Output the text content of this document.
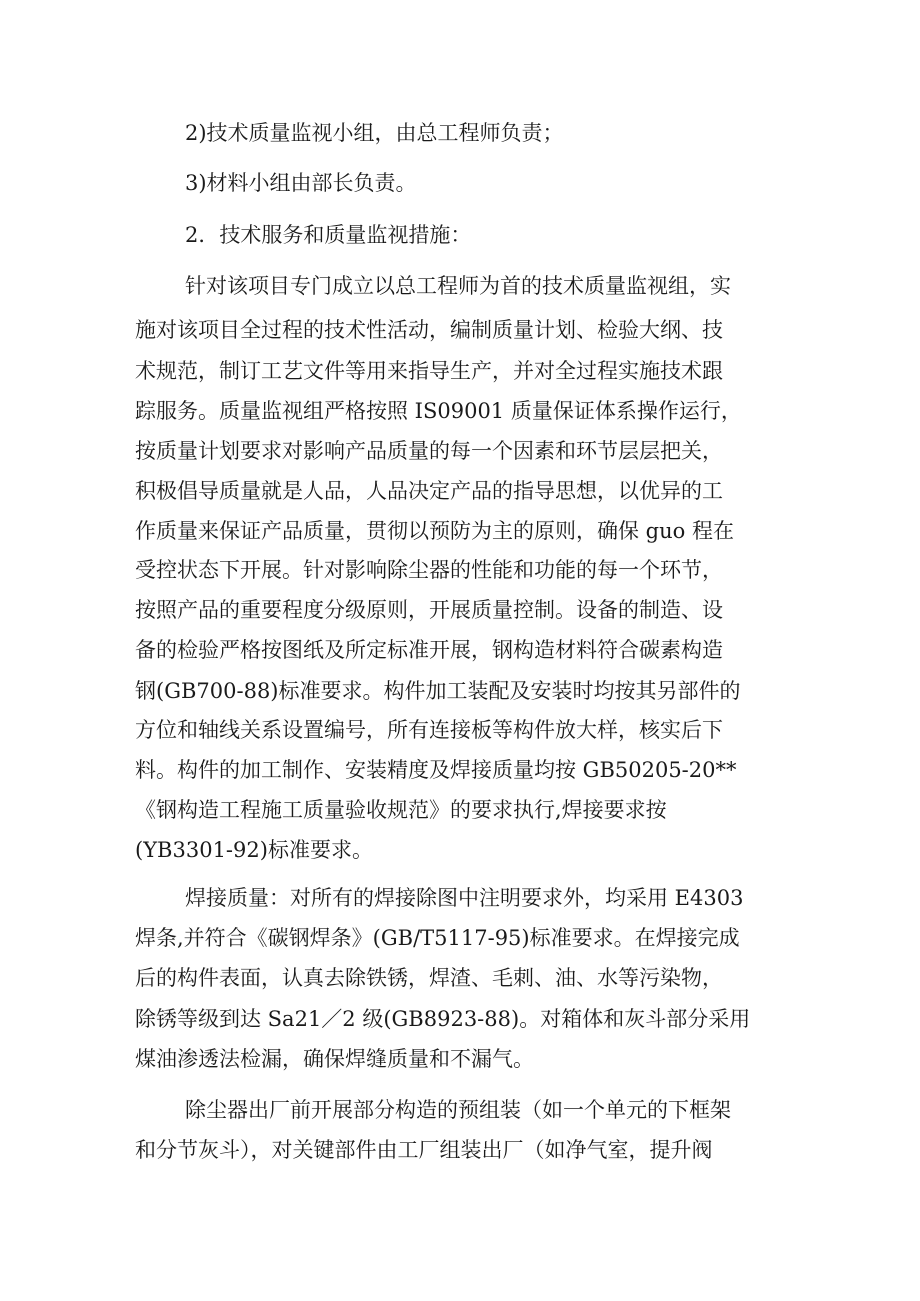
2)技术质量监视小组，由总工程师负责；
3)材料小组由部长负责。
2．技术服务和质量监视措施：
针对该项目专门成立以总工程师为首的技术质量监视组，实
施对该项目全过程的技术性活动，编制质量计划、检验大纲、技
术规范，制订工艺文件等用来指导生产，并对全过程实施技术跟
踪服务。质量监视组严格按照 IS09001 质量保证体系操作运行，
按质量计划要求对影响产品质量的每一个因素和环节层层把关，
积极倡导质量就是人品，人品决定产品的指导思想，以优异的工
作质量来保证产品质量，贯彻以预防为主的原则，确保 guo 程在
受控状态下开展。针对影响除尘器的性能和功能的每一个环节，
按照产品的重要程度分级原则，开展质量控制。设备的制造、设
备的检验严格按图纸及所定标准开展，钢构造材料符合碳素构造
钢(GB700-88)标准要求。构件加工装配及安装时均按其另部件的
方位和轴线关系设置编号，所有连接板等构件放大样，核实后下
料。构件的加工制作、安装精度及焊接质量均按 GB50205-20**
《钢构造工程施工质量验收规范》的要求执行,焊接要求按
(YB3301-92)标准要求。
焊接质量：对所有的焊接除图中注明要求外，均采用 E4303
焊条,并符合《碳钢焊条》(GB/T5117-95)标准要求。在焊接完成
后的构件表面，认真去除铁锈，焊渣、毛刺、油、水等污染物，
除锈等级到达 Sa21／2 级(GB8923-88)。对箱体和灰斗部分采用
煤油渗透法检漏，确保焊缝质量和不漏气。
除尘器出厂前开展部分构造的预组装（如一个单元的下框架
和分节灰斗），对关键部件由工厂组装出厂（如净气室，提升阀
